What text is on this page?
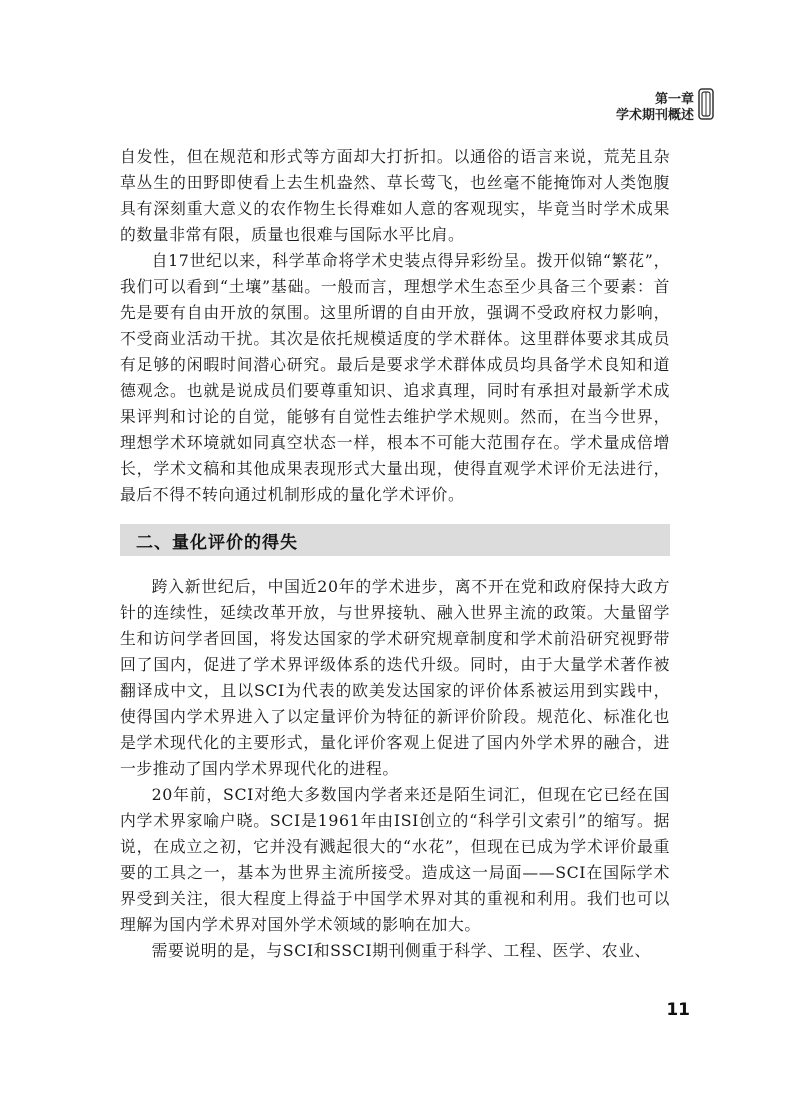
第一章
学术期刊概述

自发性，但在规范和形式等方面却大打折扣。以通俗的语言来说，荒芜且杂草丛生的田野即使看上去生机盎然、草长莺飞，也丝毫不能掩饰对人类饱腹具有深刻重大意义的农作物生长得难如人意的客观现实，毕竟当时学术成果的数量非常有限，质量也很难与国际水平比肩。

自17世纪以来，科学革命将学术史装点得异彩纷呈。拨开似锦“繁花”，我们可以看到“土壤”基础。一般而言，理想学术生态至少具备三个要素：首先是要有自由开放的氛围。这里所谓的自由开放，强调不受政府权力影响，不受商业活动干扰。其次是依托规模适度的学术群体。这里群体要求其成员有足够的闲暇时间潜心研究。最后是要求学术群体成员均具备学术良知和道德观念。也就是说成员们要尊重知识、追求真理，同时有承担对最新学术成果评判和讨论的自觉，能够有自觉性去维护学术规则。然而，在当今世界，理想学术环境就如同真空状态一样，根本不可能大范围存在。学术量成倍增长，学术文稿和其他成果表现形式大量出现，使得直观学术评价无法进行，最后不得不转向通过机制形成的量化学术评价。

二、量化评价的得失

跨入新世纪后，中国近20年的学术进步，离不开在党和政府保持大政方针的连续性，延续改革开放，与世界接轨、融入世界主流的政策。大量留学生和访问学者回国，将发达国家的学术研究规章制度和学术前沿研究视野带回了国内，促进了学术界评级体系的迭代升级。同时，由于大量学术著作被翻译成中文，且以SCI为代表的欧美发达国家的评价体系被运用到实践中，使得国内学术界进入了以定量评价为特征的新评价阶段。规范化、标准化也是学术现代化的主要形式，量化评价客观上促进了国内外学术界的融合，进一步推动了国内学术界现代化的进程。

20年前，SCI对绝大多数国内学者来还是陌生词汇，但现在它已经在国内学术界家喻户晓。SCI是1961年由ISI创立的“科学引文索引”的缩写。据说，在成立之初，它并没有溅起很大的“水花”，但现在已成为学术评价最重要的工具之一，基本为世界主流所接受。造成这一局面——SCI在国际学术界受到关注，很大程度上得益于中国学术界对其的重视和利用。我们也可以理解为国内学术界对国外学术领域的影响在加大。

需要说明的是，与SCI和SSCI期刊侧重于科学、工程、医学、农业、

11
